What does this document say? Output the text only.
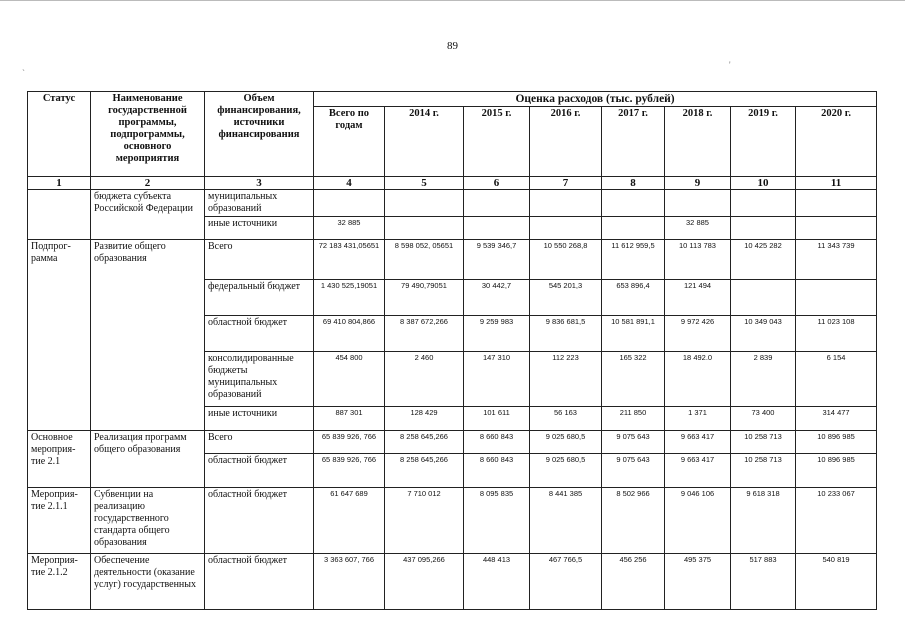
89
`
'
Статус	Наименование государственной программы, подпрограммы, основного мероприятия	Объем финансирования, источники финансирования	Оценка расходов (тыс. рублей)							
			Всего по годам	2014 г.	2015 г.	2016 г.	2017 г.	2018 г.	2019 г.	2020 г.
1	2	3	4	5	6	7	8	9	10	11
	бюджета субъекта Российской Федерации	муниципальных образований								
		иные источники	32 885					32 885		
Подпрог-рамма	Развитие общего образования	Всего	72 183 431,05651	8 598 052, 05651	9 539 346,7	10 550 268,8	11 612 959,5	10 113 783	10 425 282	11 343 739
		федеральный бюджет	1 430 525,19051	79 490,79051	30 442,7	545 201,3	653 896,4	121 494		
		областной бюджет	69 410 804,866	8 387 672,266	9 259 983	9 836 681,5	10 581 891,1	9 972 426	10 349 043	11 023 108
		консолидированные бюджеты муниципальных образований	454 800	2 460	147 310	112 223	165 322	18 492.0	2 839	6 154
		иные источники	887 301	128 429	101 611	56 163	211 850	1 371	73 400	314 477
Основное мероприя-тие 2.1	Реализация программ общего образования	Всего	65 839 926, 766	8 258 645,266	8 660 843	9 025 680,5	9 075 643	9 663 417	10 258 713	10 896 985
		областной бюджет	65 839 926, 766	8 258 645,266	8 660 843	9 025 680,5	9 075 643	9 663 417	10 258 713	10 896 985
Мероприя-тие 2.1.1	Субвенции на реализацию государственного стандарта общего образования	областной бюджет	61 647 689	7 710 012	8 095 835	8 441 385	8 502 966	9 046 106	9 618 318	10 233 067
Мероприя-тие 2.1.2	Обеспечение деятельности (оказание услуг) государственных	областной бюджет	3 363 607, 766	437 095,266	448 413	467 766,5	456 256	495 375	517 883	540 819
